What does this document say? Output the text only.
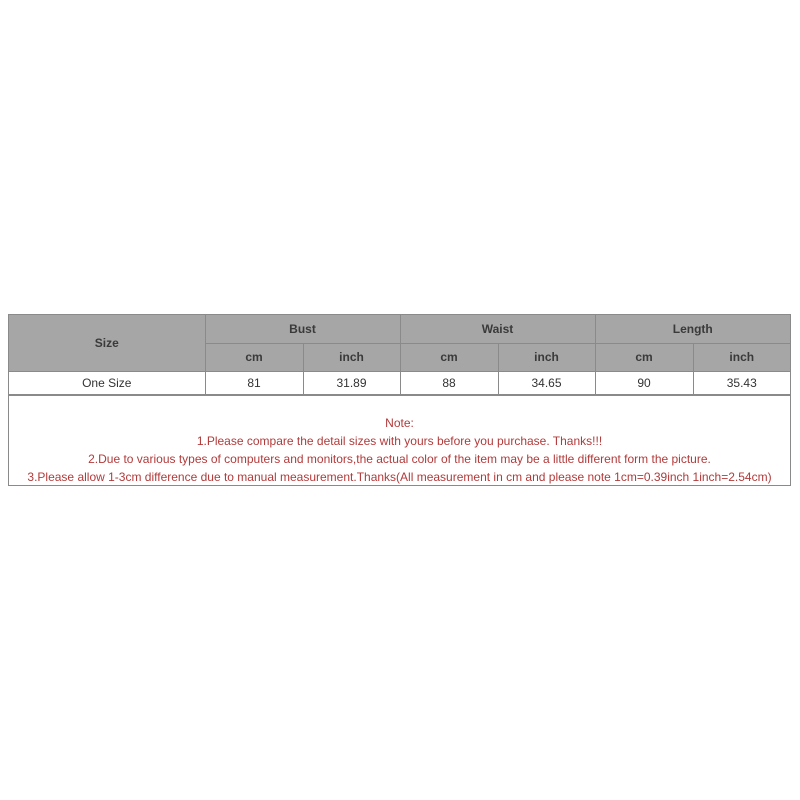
Size	Bust		Waist		Length	
	cm	inch	cm	inch	cm	inch
One Size	81	31.89	88	34.65	90	35.43
Note:
1.Please compare the detail sizes with yours before you purchase. Thanks!!!
2.Due to various types of computers and monitors,the actual color of the item may be a little different form the picture.
3.Please allow 1-3cm difference due to manual measurement.Thanks(All measurement in cm and please note 1cm=0.39inch 1inch=2.54cm)
